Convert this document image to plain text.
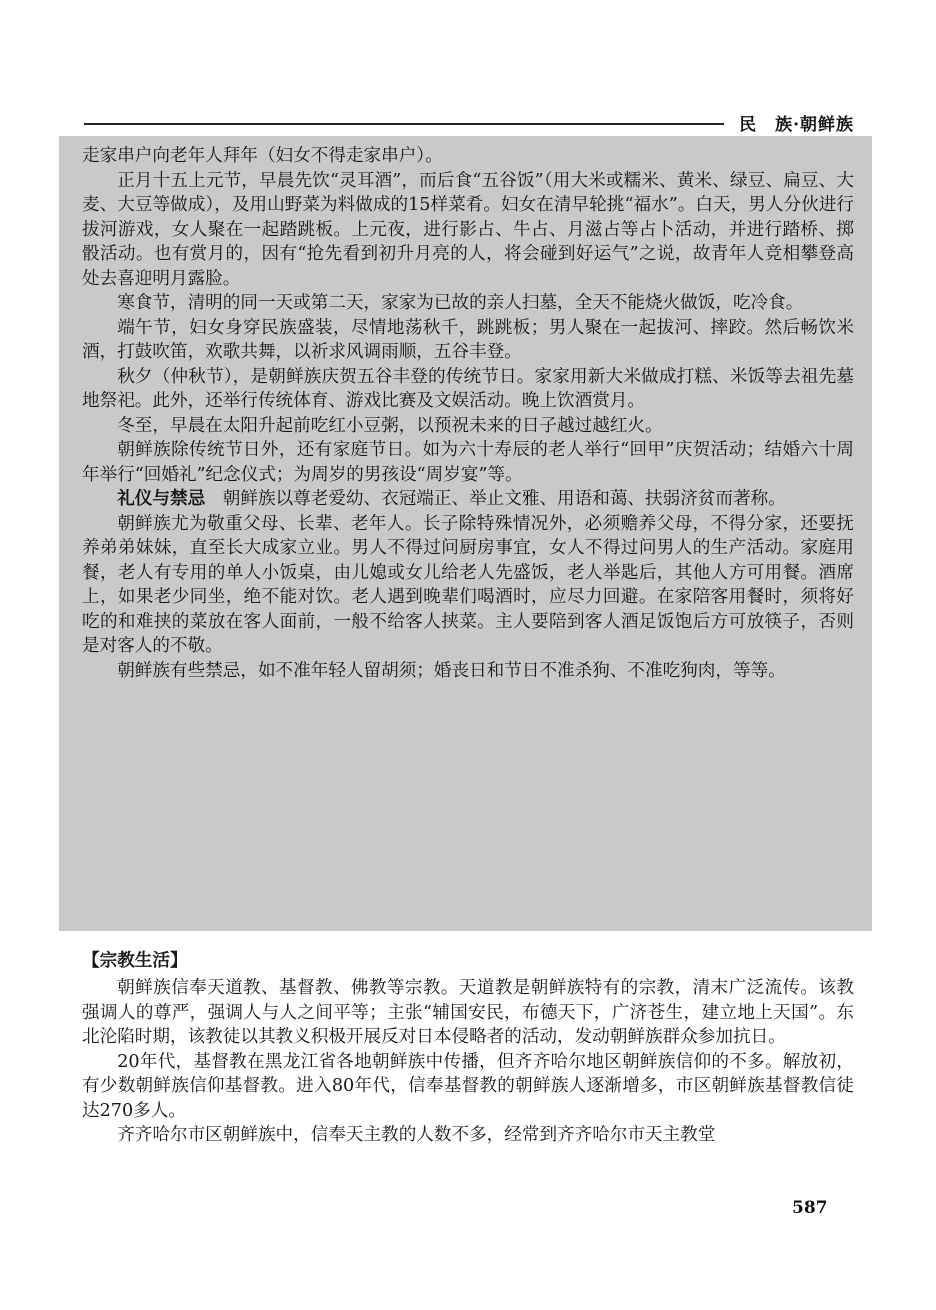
民　族·朝鲜族

走家串户向老年人拜年（妇女不得走家串户）。

正月十五上元节，早晨先饮“灵耳酒”，而后食“五谷饭”（用大米或糯米、黄米、绿豆、扁豆、大麦、大豆等做成），及用山野菜为料做成的15样菜肴。妇女在清早轮挑“福水”。白天，男人分伙进行拔河游戏，女人聚在一起踏跳板。上元夜，进行影占、牛占、月滋占等占卜活动，并进行踏桥、掷骰活动。也有赏月的，因有“抢先看到初升月亮的人，将会碰到好运气”之说，故青年人竞相攀登高处去喜迎明月露脸。

寒食节，清明的同一天或第二天，家家为已故的亲人扫墓，全天不能烧火做饭，吃冷食。

端午节，妇女身穿民族盛装，尽情地荡秋千，跳跳板；男人聚在一起拔河、摔跤。然后畅饮米酒，打鼓吹笛，欢歌共舞，以祈求风调雨顺，五谷丰登。

秋夕（仲秋节），是朝鲜族庆贺五谷丰登的传统节日。家家用新大米做成打糕、米饭等去祖先墓地祭祀。此外，还举行传统体育、游戏比赛及文娱活动。晚上饮酒赏月。

冬至，早晨在太阳升起前吃红小豆粥，以预祝未来的日子越过越红火。

朝鲜族除传统节日外，还有家庭节日。如为六十寿辰的老人举行“回甲”庆贺活动；结婚六十周年举行“回婚礼”纪念仪式；为周岁的男孩设“周岁宴”等。

礼仪与禁忌　朝鲜族以尊老爱幼、衣冠端正、举止文雅、用语和蔼、扶弱济贫而著称。

朝鲜族尤为敬重父母、长辈、老年人。长子除特殊情况外，必须赡养父母，不得分家，还要抚养弟弟妹妹，直至长大成家立业。男人不得过问厨房事宜，女人不得过问男人的生产活动。家庭用餐，老人有专用的单人小饭桌，由儿媳或女儿给老人先盛饭，老人举匙后，其他人方可用餐。酒席上，如果老少同坐，绝不能对饮。老人遇到晚辈们喝酒时，应尽力回避。在家陪客用餐时，须将好吃的和难挟的菜放在客人面前，一般不给客人挟菜。主人要陪到客人酒足饭饱后方可放筷子，否则是对客人的不敬。

朝鲜族有些禁忌，如不准年轻人留胡须；婚丧日和节日不准杀狗、不准吃狗肉，等等。

【宗教生活】

朝鲜族信奉天道教、基督教、佛教等宗教。天道教是朝鲜族特有的宗教，清末广泛流传。该教强调人的尊严，强调人与人之间平等；主张“辅国安民，布德天下，广济苍生，建立地上天国”。东北沦陷时期，该教徒以其教义积极开展反对日本侵略者的活动，发动朝鲜族群众参加抗日。

20年代，基督教在黑龙江省各地朝鲜族中传播，但齐齐哈尔地区朝鲜族信仰的不多。解放初，有少数朝鲜族信仰基督教。进入80年代，信奉基督教的朝鲜族人逐渐增多，市区朝鲜族基督教信徒达270多人。

齐齐哈尔市区朝鲜族中，信奉天主教的人数不多，经常到齐齐哈尔市天主教堂

587
